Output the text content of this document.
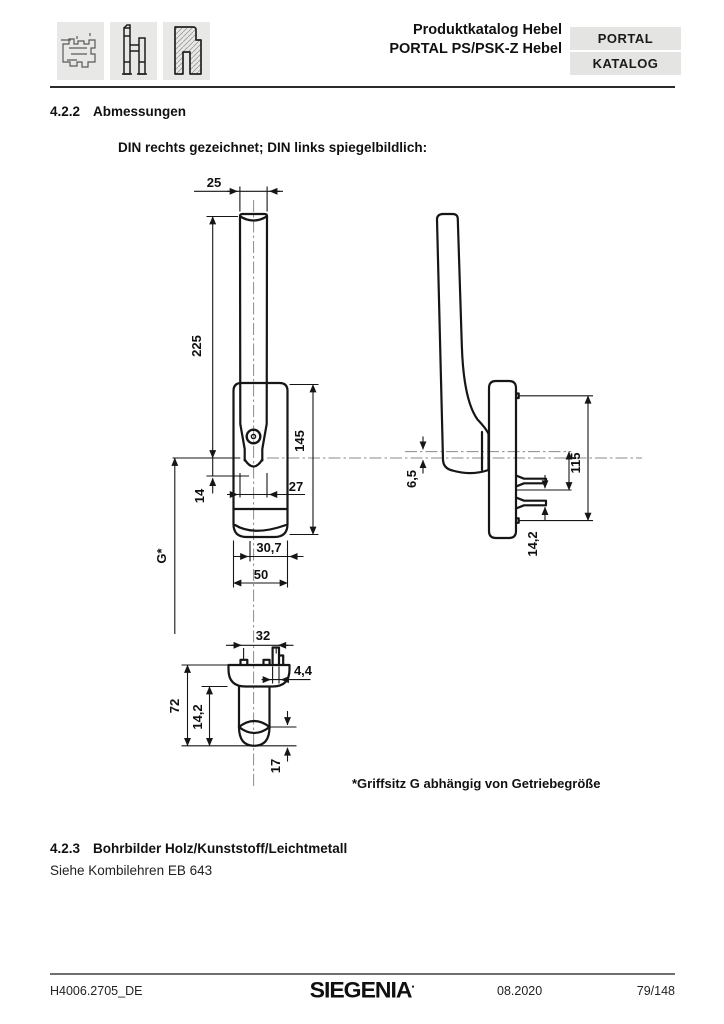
Produktkatalog Hebel
PORTAL PS/PSK-Z Hebel
PORTAL
KATALOG
4.2.2 Abmessungen
DIN rechts gezeichnet; DIN links spiegelbildlich:
25
225
14
27
145
30,7
50
G*
6,5
115
14,2
32
4,4
72 14,2
17
*Griffsitz G abhängig von Getriebegröße
4.2.3 Bohrbilder Holz/Kunststoff/Leichtmetall
Siehe Kombilehren EB 643
H4006.2705_DE	SIEGENIA▪	08.2020	79/148
